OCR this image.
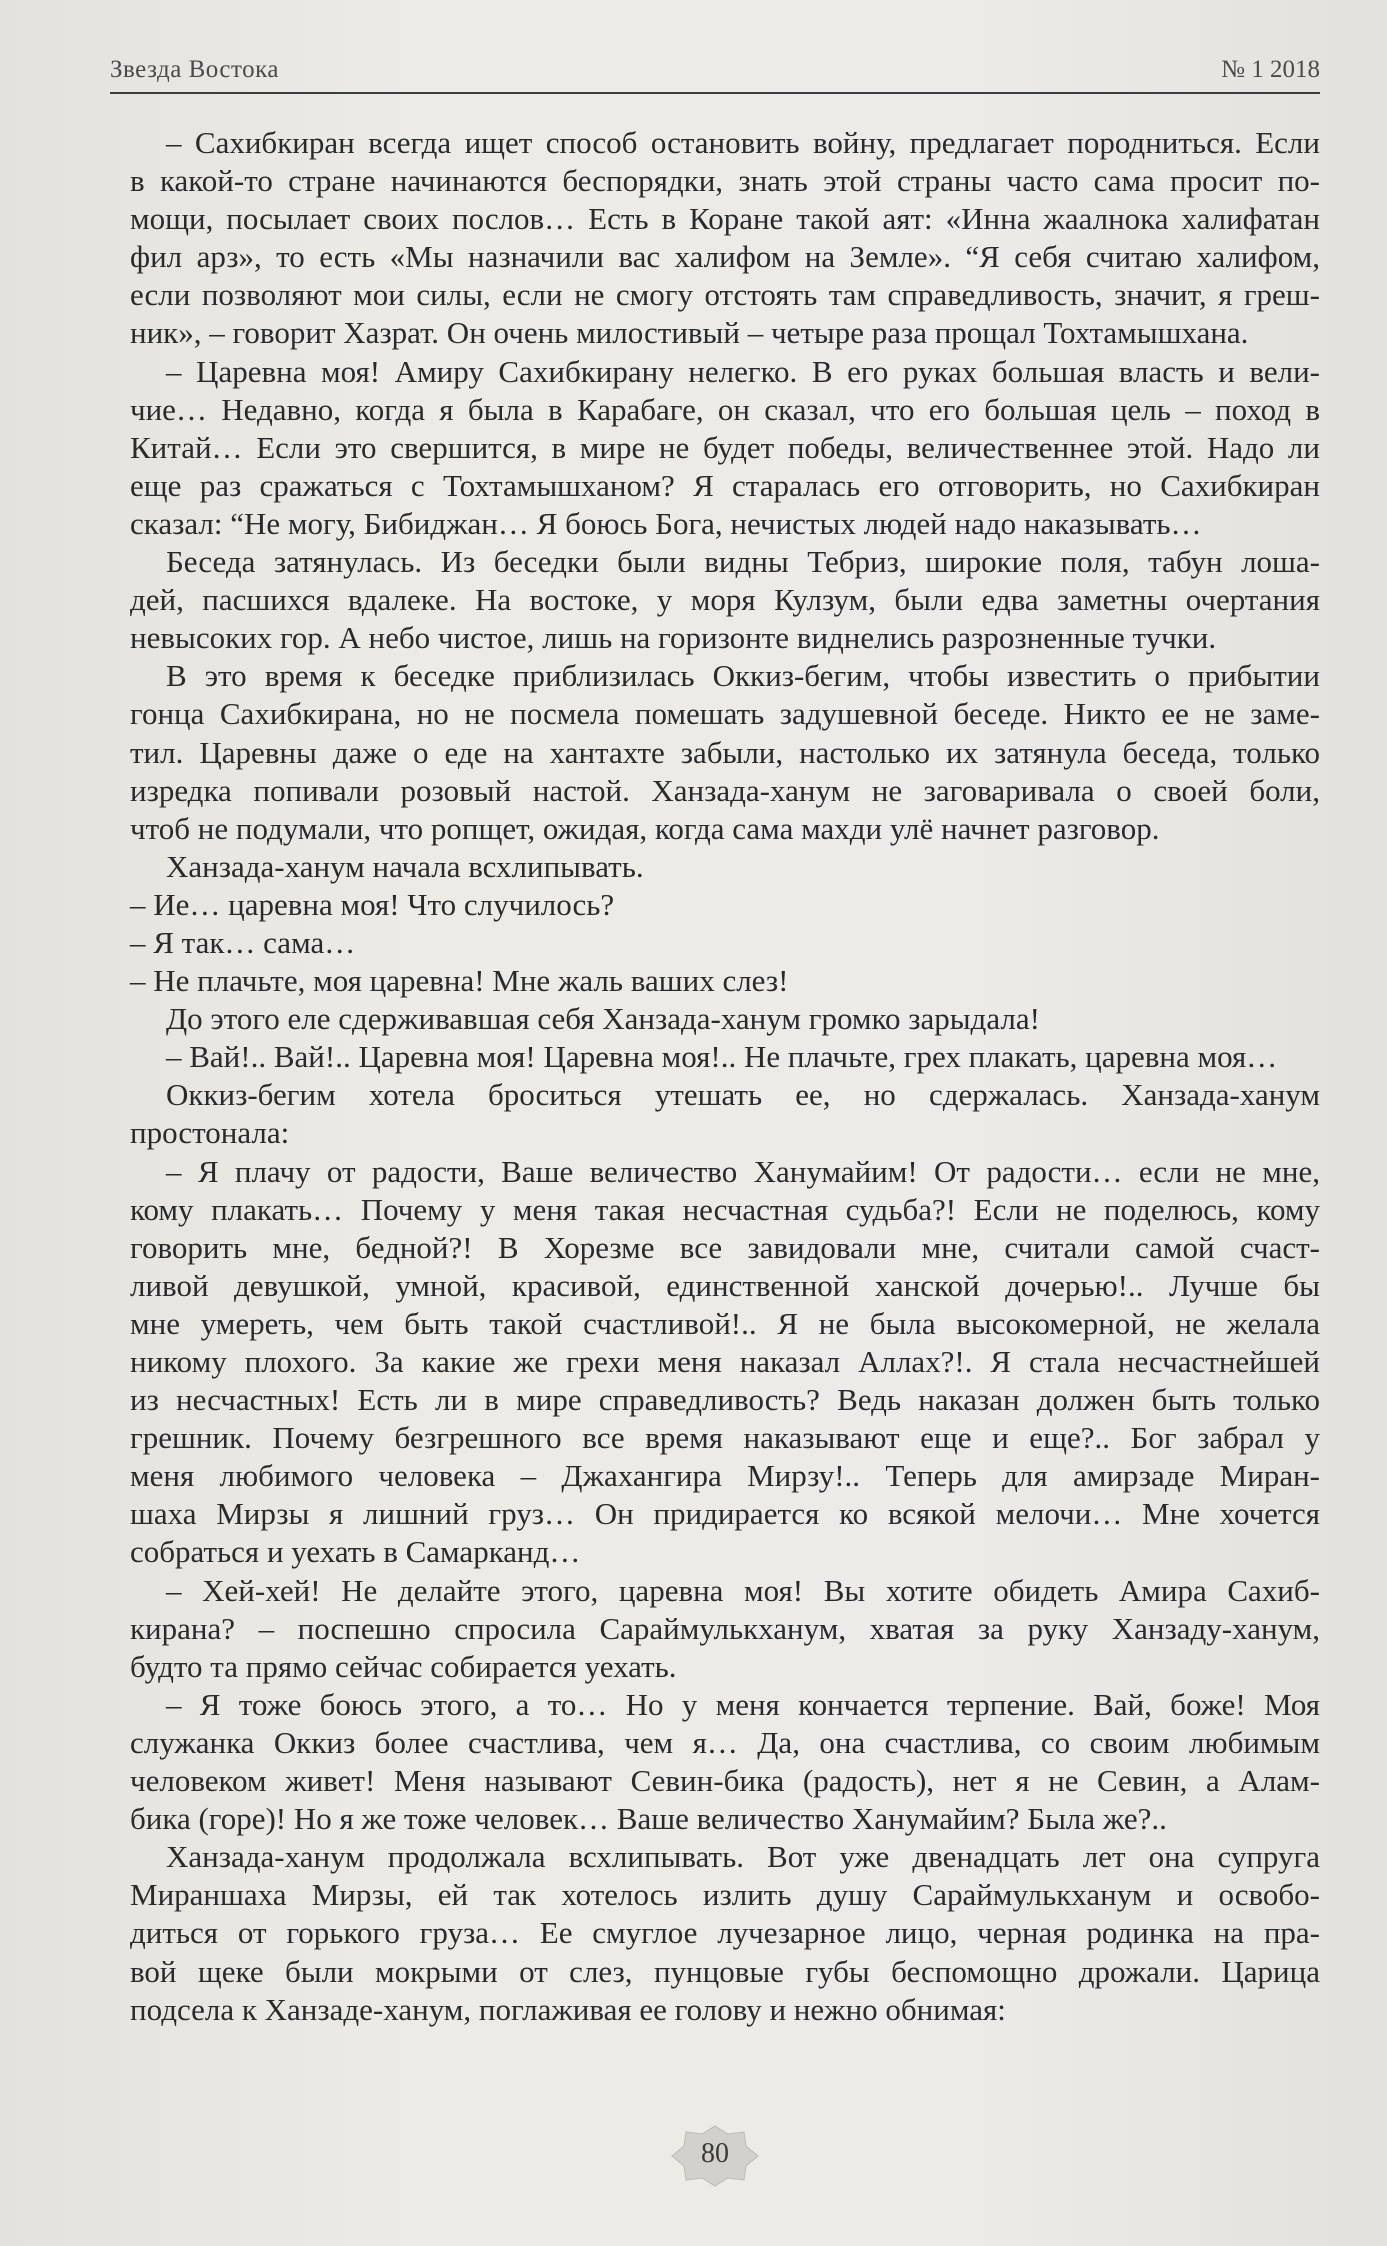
Звезда Востока	№ 1 2018
– Сахибкиран всегда ищет способ остановить войну, предлагает породниться. Если
в какой-то стране начинаются беспорядки, знать этой страны часто сама просит по-
мощи, посылает своих послов… Есть в Коране такой аят: «Инна жаалнока халифатан
фил арз», то есть «Мы назначили вас халифом на Земле». “Я себя считаю халифом,
если позволяют мои силы, если не смогу отстоять там справедливость, значит, я греш-
ник», – говорит Хазрат. Он очень милостивый – четыре раза прощал Тохтамышхана.
– Царевна моя! Амиру Сахибкирану нелегко. В его руках большая власть и вели-
чие… Недавно, когда я была в Карабаге, он сказал, что его большая цель – поход в
Китай… Если это свершится, в мире не будет победы, величественнее этой. Надо ли
еще раз сражаться с Тохтамышханом? Я старалась его отговорить, но Сахибкиран
сказал: “Не могу, Бибиджан… Я боюсь Бога, нечистых людей надо наказывать…
Беседа затянулась. Из беседки были видны Тебриз, широкие поля, табун лоша-
дей, пасшихся вдалеке. На востоке, у моря Кулзум, были едва заметны очертания
невысоких гор. А небо чистое, лишь на горизонте виднелись разрозненные тучки.
В это время к беседке приблизилась Оккиз-бегим, чтобы известить о прибытии
гонца Сахибкирана, но не посмела помешать задушевной беседе. Никто ее не заме-
тил. Царевны даже о еде на хантахте забыли, настолько их затянула беседа, только
изредка попивали розовый настой. Ханзада-ханум не заговаривала о своей боли,
чтоб не подумали, что ропщет, ожидая, когда сама махди улё начнет разговор.
Ханзада-ханум начала всхлипывать.
– Ие… царевна моя! Что случилось?
– Я так… сама…
– Не плачьте, моя царевна! Мне жаль ваших слез!
До этого еле сдерживавшая себя Ханзада-ханум громко зарыдала!
– Вай!.. Вай!.. Царевна моя! Царевна моя!.. Не плачьте, грех плакать, царевна моя…
Оккиз-бегим хотела броситься утешать ее, но сдержалась. Ханзада-ханум
простонала:
– Я плачу от радости, Ваше величество Ханумайим! От радости… если не мне,
кому плакать… Почему у меня такая несчастная судьба?! Если не поделюсь, кому
говорить мне, бедной?! В Хорезме все завидовали мне, считали самой счаст-
ливой девушкой, умной, красивой, единственной ханской дочерью!.. Лучше бы
мне умереть, чем быть такой счастливой!.. Я не была высокомерной, не желала
никому плохого. За какие же грехи меня наказал Аллах?!. Я стала несчастнейшей
из несчастных! Есть ли в мире справедливость? Ведь наказан должен быть только
грешник. Почему безгрешного все время наказывают еще и еще?.. Бог забрал у
меня любимого человека – Джахангира Мирзу!.. Теперь для амирзаде Миран-
шаха Мирзы я лишний груз… Он придирается ко всякой мелочи… Мне хочется
собраться и уехать в Самарканд…
– Хей-хей! Не делайте этого, царевна моя! Вы хотите обидеть Амира Сахиб-
кирана? – поспешно спросила Сараймулькханум, хватая за руку Ханзаду-ханум,
будто та прямо сейчас собирается уехать.
– Я тоже боюсь этого, а то… Но у меня кончается терпение. Вай, боже! Моя
служанка Оккиз более счастлива, чем я… Да, она счастлива, со своим любимым
человеком живет! Меня называют Севин-бика (радость), нет я не Севин, а Алам-
бика (горе)! Но я же тоже человек… Ваше величество Ханумайим? Была же?..
Ханзада-ханум продолжала всхлипывать. Вот уже двенадцать лет она супруга
Мираншаха Мирзы, ей так хотелось излить душу Сараймулькханум и освобо-
диться от горького груза… Ее смуглое лучезарное лицо, черная родинка на пра-
вой щеке были мокрыми от слез, пунцовые губы беспомощно дрожали. Царица
подсела к Ханзаде-ханум, поглаживая ее голову и нежно обнимая:
80
